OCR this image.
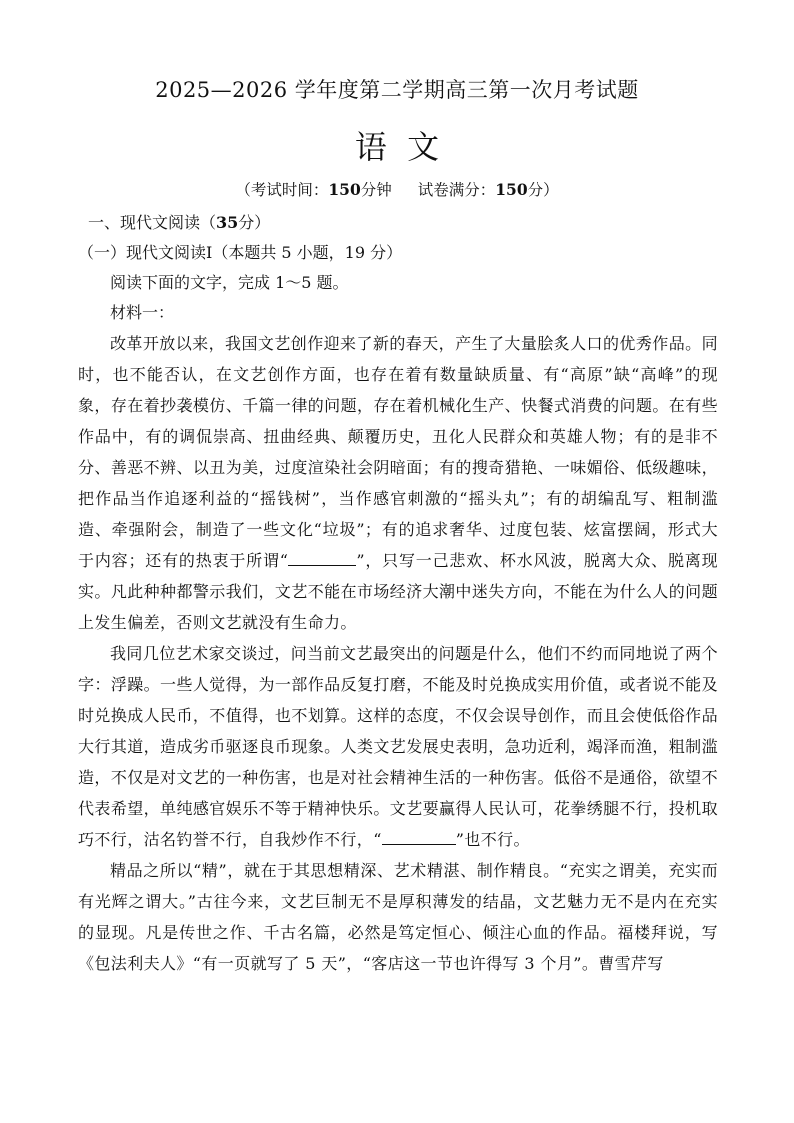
2025—2026 学年度第二学期高三第一次月考试题
语  文
（考试时间：150分钟 试卷满分：150分）

一、现代文阅读（35分）

（一）现代文阅读Ⅰ（本题共 5 小题，19 分）

阅读下面的文字，完成 1～5 题。

材料一：

改革开放以来，我国文艺创作迎来了新的春天，产生了大量脍炙人口的优秀作品。同时，也不能否认，在文艺创作方面，也存在着有数量缺质量、有“高原”缺“高峰”的现象，存在着抄袭模仿、千篇一律的问题，存在着机械化生产、快餐式消费的问题。在有些作品中，有的调侃崇高、扭曲经典、颠覆历史，丑化人民群众和英雄人物；有的是非不分、善恶不辨、以丑为美，过度渲染社会阴暗面；有的搜奇猎艳、一味媚俗、低级趣味，把作品当作追逐利益的“摇钱树”，当作感官刺激的“摇头丸”；有的胡编乱写、粗制滥造、牵强附会，制造了一些文化“垃圾”；有的追求奢华、过度包装、炫富摆阔，形式大于内容；还有的热衷于所谓“	”，只写一己悲欢、杯水风波，脱离大众、脱离现实。凡此种种都警示我们，文艺不能在市场经济大潮中迷失方向，不能在为什么人的问题上发生偏差，否则文艺就没有生命力。

我同几位艺术家交谈过，问当前文艺最突出的问题是什么，他们不约而同地说了两个字：浮躁。一些人觉得，为一部作品反复打磨，不能及时兑换成实用价值，或者说不能及时兑换成人民币，不值得，也不划算。这样的态度，不仅会误导创作，而且会使低俗作品大行其道，造成劣币驱逐良币现象。人类文艺发展史表明，急功近利，竭泽而渔，粗制滥造，不仅是对文艺的一种伤害，也是对社会精神生活的一种伤害。低俗不是通俗，欲望不代表希望，单纯感官娱乐不等于精神快乐。文艺要赢得人民认可，花拳绣腿不行，投机取巧不行，沽名钓誉不行，自我炒作不行，“	”也不行。

精品之所以“精”，就在于其思想精深、艺术精湛、制作精良。“充实之谓美，充实而有光辉之谓大。”古往今来，文艺巨制无不是厚积薄发的结晶，文艺魅力无不是内在充实的显现。凡是传世之作、千古名篇，必然是笃定恒心、倾注心血的作品。福楼拜说，写《包法利夫人》“有一页就写了 5 天”，“客店这一节也许得写 3 个月”。曹雪芹写
